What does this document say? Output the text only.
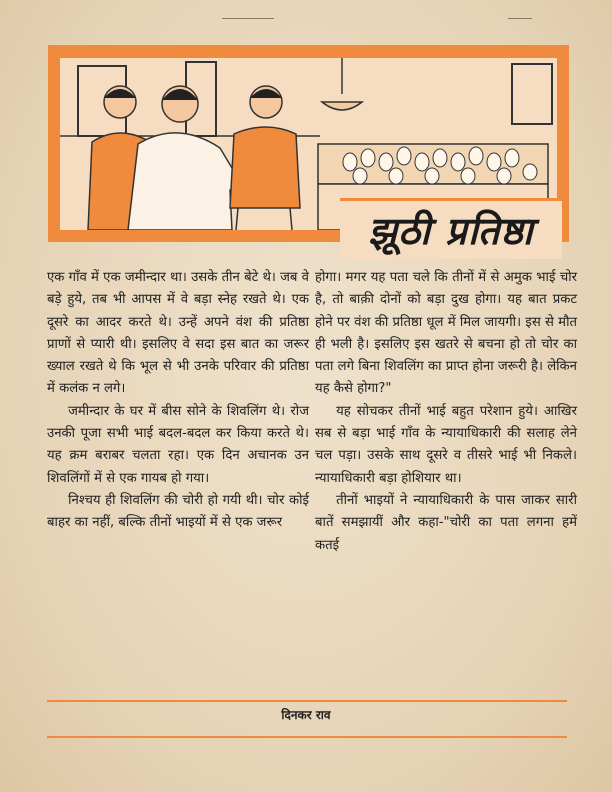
झूठी प्रतिष्ठा

एक गाँव में एक जमीन्दार था। उसके तीन बेटे थे। जब वे बड़े हुये, तब भी आपस में वे बड़ा स्नेह रखते थे। एक दूसरे का आदर करते थे। उन्हें अपने वंश की प्रतिष्ठा प्राणों से प्यारी थी। इसलिए वे सदा इस बात का जरूर ख्याल रखते थे कि भूल से भी उनके परिवार की प्रतिष्ठा में कलंक न लगे।

जमीन्दार के घर में बीस सोने के शिवलिंग थे। रोज उनकी पूजा सभी भाई बदल-बदल कर किया करते थे। यह क्रम बराबर चलता रहा। एक दिन अचानक उन शिवलिंगों में से एक गायब हो गया।

निश्चय ही शिवलिंग की चोरी हो गयी थी। चोर कोई बाहर का नहीं, बल्कि तीनों भाइयों में से एक जरूर

होगा। मगर यह पता चले कि तीनों में से अमुक भाई चोर है, तो बाक़ी दोनों को बड़ा दुख होगा। यह बात प्रकट होने पर वंश की प्रतिष्ठा धूल में मिल जायगी। इस से मौत ही भली है। इसलिए इस खतरे से बचना हो तो चोर का पता लगे बिना शिवलिंग का प्राप्त होना जरूरी है। लेकिन यह कैसे होगा?"

यह सोचकर तीनों भाई बहुत परेशान हुये। आखिर सब से बड़ा भाई गाँव के न्यायाधिकारी की सलाह लेने चल पड़ा। उसके साथ दूसरे व तीसरे भाई भी निकले। न्यायाधिकारी बड़ा होशियार था।

तीनों भाइयों ने न्यायाधिकारी के पास जाकर सारी बातें समझायीं और कहा-"चोरी का पता लगना हमें कतई

दिनकर राव
